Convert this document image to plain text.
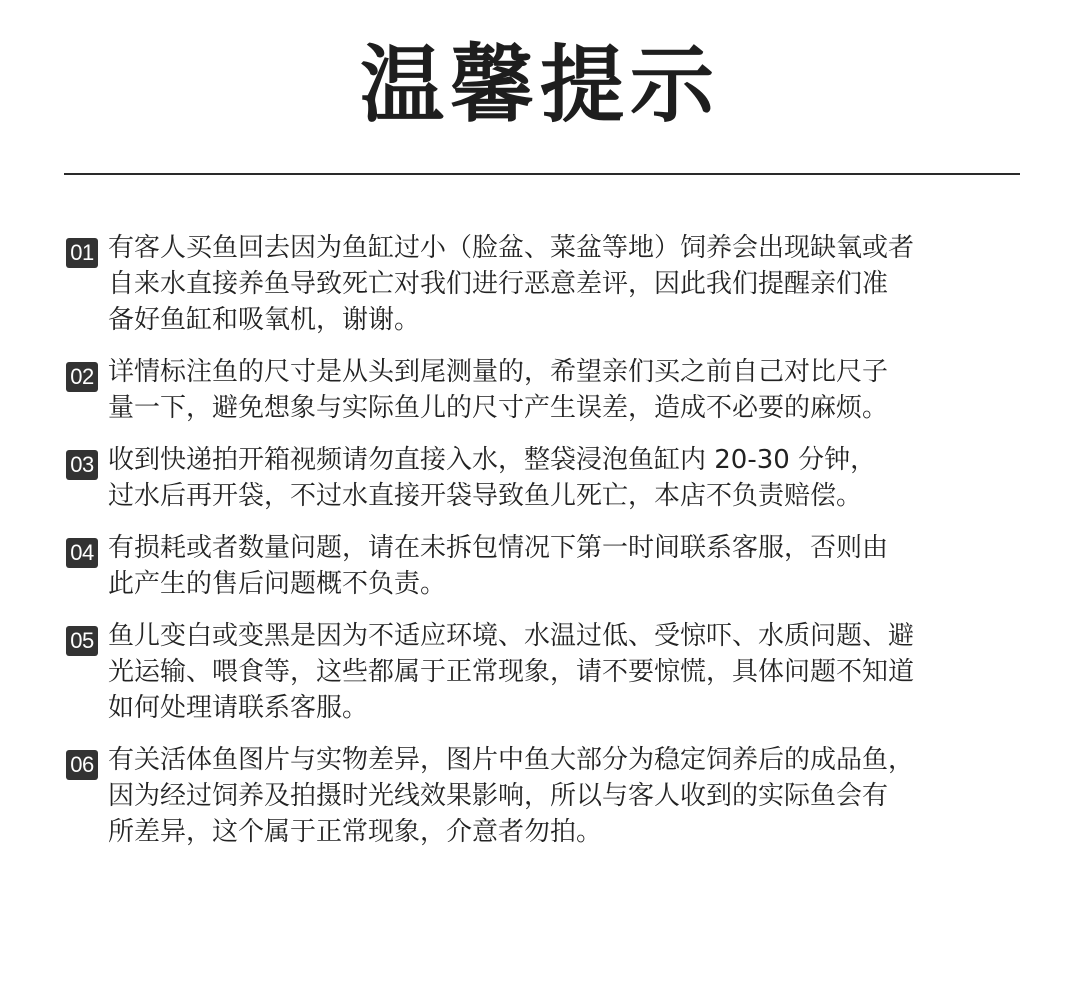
温馨提示
01 有客人买鱼回去因为鱼缸过小（脸盆、菜盆等地）饲养会出现缺氧或者
自来水直接养鱼导致死亡对我们进行恶意差评，因此我们提醒亲们准
备好鱼缸和吸氧机，谢谢。
02 详情标注鱼的尺寸是从头到尾测量的，希望亲们买之前自己对比尺子
量一下，避免想象与实际鱼儿的尺寸产生误差，造成不必要的麻烦。
03 收到快递拍开箱视频请勿直接入水，整袋浸泡鱼缸内 20-30 分钟，
过水后再开袋，不过水直接开袋导致鱼儿死亡，本店不负责赔偿。
04 有损耗或者数量问题，请在未拆包情况下第一时间联系客服，否则由
此产生的售后问题概不负责。
05 鱼儿变白或变黑是因为不适应环境、水温过低、受惊吓、水质问题、避
光运输、喂食等，这些都属于正常现象，请不要惊慌，具体问题不知道
如何处理请联系客服。
06 有关活体鱼图片与实物差异，图片中鱼大部分为稳定饲养后的成品鱼，
因为经过饲养及拍摄时光线效果影响，所以与客人收到的实际鱼会有
所差异，这个属于正常现象，介意者勿拍。
